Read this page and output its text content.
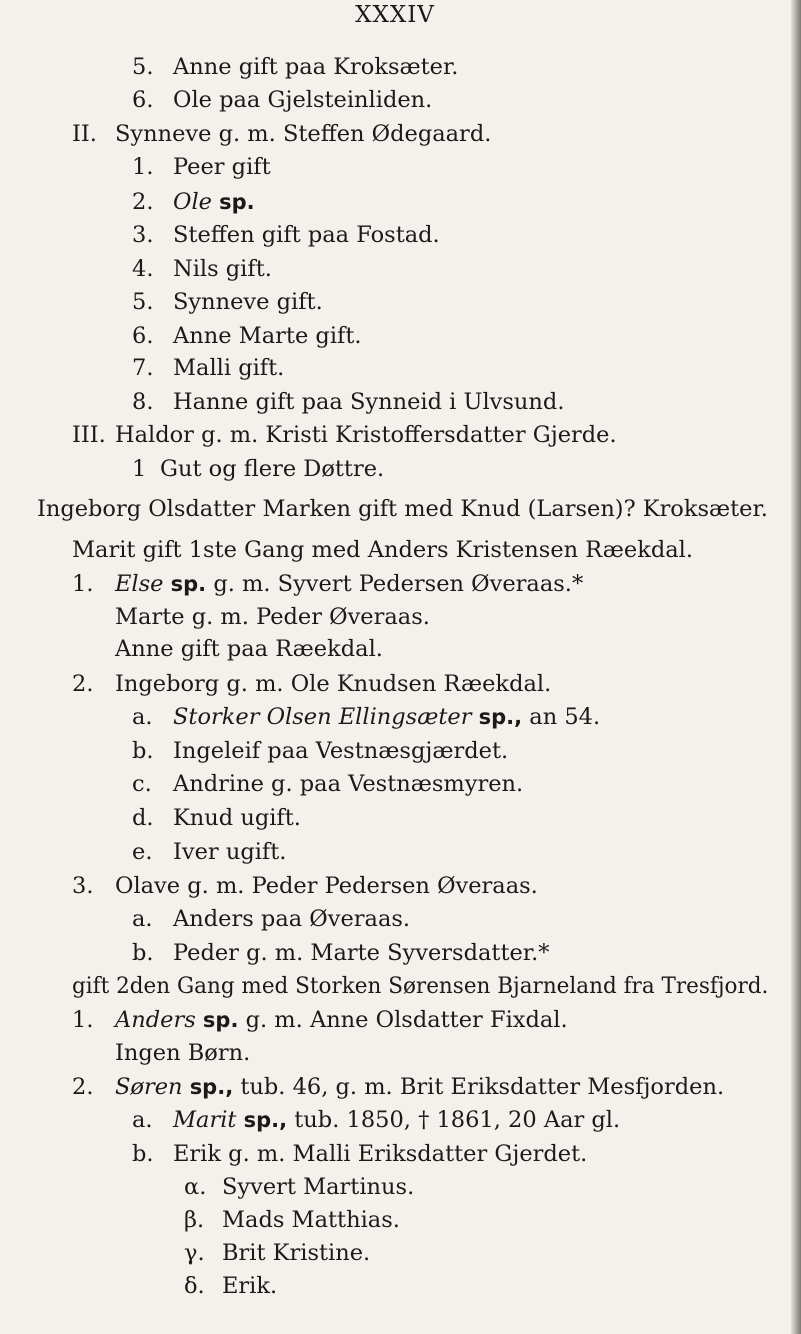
XXXIV
5. Anne gift paa Kroksæter.
6. Ole paa Gjelsteinliden.
II. Synneve g. m. Steffen Ødegaard.
1. Peer gift
2. Ole sp.
3. Steffen gift paa Fostad.
4. Nils gift.
5. Synneve gift.
6. Anne Marte gift.
7. Malli gift.
8. Hanne gift paa Synneid i Ulvsund.
III. Haldor g. m. Kristi Kristoffersdatter Gjerde.
1 Gut og flere Døttre.
Ingeborg Olsdatter Marken gift med Knud (Larsen)? Kroksæter.
Marit gift 1ste Gang med Anders Kristensen Ræekdal.
1. Else sp. g. m. Syvert Pedersen Øveraas.*
Marte g. m. Peder Øveraas.
Anne gift paa Ræekdal.
2. Ingeborg g. m. Ole Knudsen Ræekdal.
a. Storker Olsen Ellingsæter sp., an 54.
b. Ingeleif paa Vestnæsgjærdet.
c. Andrine g. paa Vestnæsmyren.
d. Knud ugift.
e. Iver ugift.
3. Olave g. m. Peder Pedersen Øveraas.
a. Anders paa Øveraas.
b. Peder g. m. Marte Syversdatter.*
gift 2den Gang med Storken Sørensen Bjarneland fra Tresfjord.
1. Anders sp. g. m. Anne Olsdatter Fixdal.
Ingen Børn.
2. Søren sp., tub. 46, g. m. Brit Eriksdatter Mesfjorden.
a. Marit sp., tub. 1850, † 1861, 20 Aar gl.
b. Erik g. m. Malli Eriksdatter Gjerdet.
α. Syvert Martinus.
β. Mads Matthias.
γ. Brit Kristine.
δ. Erik.
